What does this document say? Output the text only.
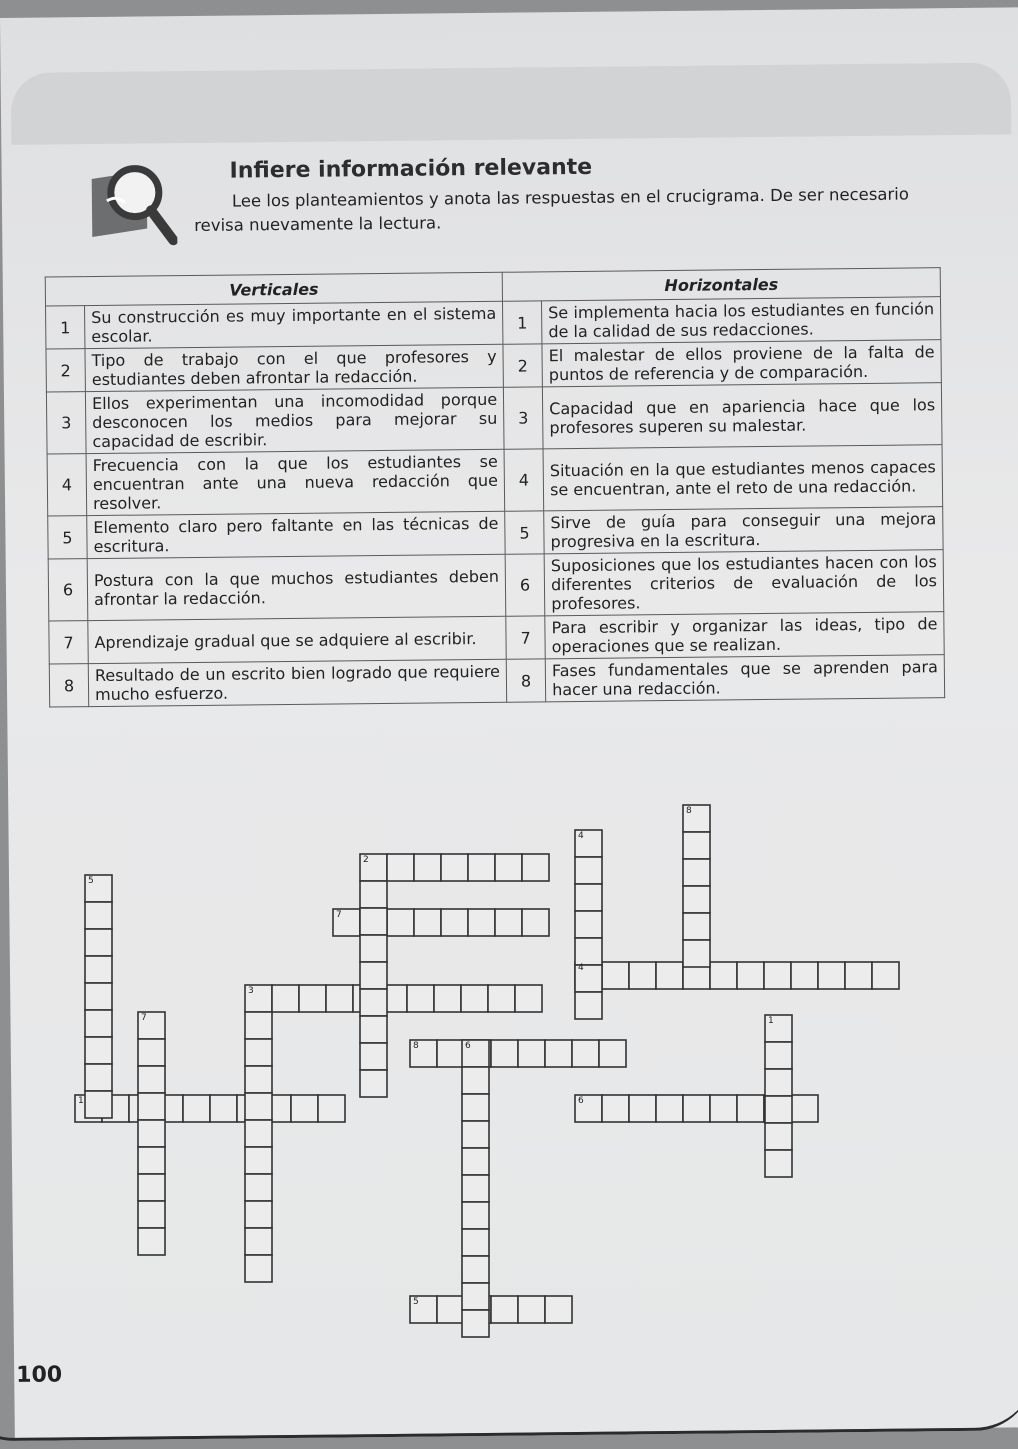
Infiere información relevante
Lee los planteamientos y anota las respuestas en el crucigrama. De ser necesario revisa nuevamente la lectura.
Verticales		Horizontales	
1	Su construcción es muy importante en el sistema escolar.	1	Se implementa hacia los estudiantes en función de la calidad de sus redacciones.
2	Tipo de trabajo con el que profesores y estudiantes deben afrontar la redacción.	2	El malestar de ellos proviene de la falta de puntos de referencia y de comparación.
3	Ellos experimentan una incomodidad porque desconocen los medios para mejorar su capacidad de escribir.	3	Capacidad que en apariencia hace que los profesores superen su malestar.
4	Frecuencia con la que los estudiantes se encuentran ante una nueva redacción que resolver.	4	Situación en la que estudiantes menos capaces se encuentran, ante el reto de una redacción.
5	Elemento claro pero faltante en las técnicas de escritura.	5	Sirve de guía para conseguir una mejora progresiva en la escritura.
6	Postura con la que muchos estudiantes deben afrontar la redacción.	6	Suposiciones que los estudiantes hacen con los diferentes criterios de evaluación de los profesores.
7	Aprendizaje gradual que se adquiere al escribir.	7	Para escribir y organizar las ideas, tipo de operaciones que se realizan.
8	Resultado de un escrito bien logrado que requiere mucho esfuerzo.	8	Fases fundamentales que se aprenden para hacer una redacción.
100
2
7
4
3
8	6
1
5
7	1
6
5
4
8
